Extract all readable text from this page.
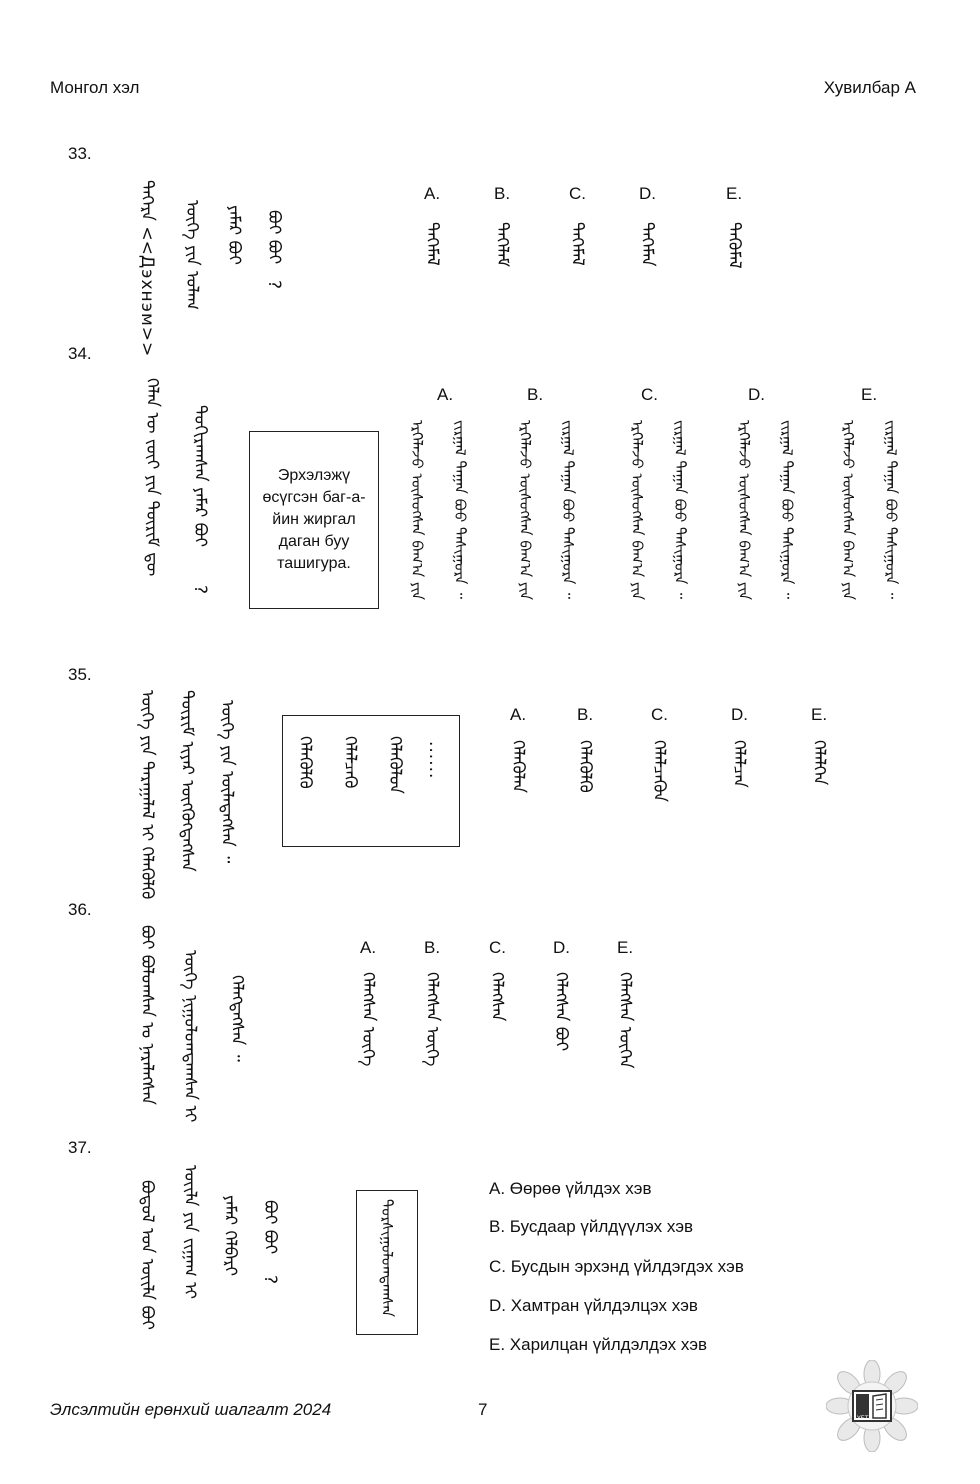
Монгол хэл	Хувилбар А
33.
ᠳᠡᠭᠡᠷᠡ <<Дэхнэм>> ᠦᠭᠡ ᠶᠢᠨ ᠤᠯᠠᠭ ᠶᠠᠮᠠᠷ ᠪᠤᠢ ᠪᠤᠢ ᠪᠤᠢ
?
A.	B.	C.	D.	E.
ᠳᠡᠭᠡᠮᠡᠯ	ᠳᠡᠭᠡᠯᠡᠮ	ᠳᠡᠬᠡᠮᠡᠯ	ᠳᠡᠭᠡᠮᠡᠨ	ᠳᠡᠭᠦᠮᠡᠯ
34.
ᠬᠡᠯᠡᠨ ᠦ ᠵᠦᠢ ᠶᠢᠨ ᠳᠦᠷᠢᠮ ᠳᠦ ᠲᠣᠬᠢᠷᠠᠭᠰᠠᠨ ᠶᠠᠮᠠᠷ ᠪᠤᠢ
?
Эрхэлэжү өсүгсэн баг-а-йин жиргал даган буу ташигура.
A.	B.	C.	D.	E.
ᠡᠷᠬᠡᠯᠡᠵᠦ ᠥᠰᠦᠭᠰᠡᠨ ᠪᠠᠭ᠎ᠠ ᠶᠢᠨ ᠵᠢᠷᠭᠠᠯ ᠳᠠᠭᠠᠨ ᠪᠤᠤ ᠲᠠᠰᠢᠭᠤᠷᠠ ᠃	ᠡᠷᠬᠡᠯᠡᠵᠦ ᠥᠰᠦᠭᠰᠡᠨ ᠪᠠᠭ᠎ᠠ ᠶᠢᠨ ᠵᠢᠷᠭᠠᠯ ᠳᠠᠭᠠᠨ ᠪᠤᠤ ᠲᠠᠰᠢᠭᠤᠷᠠ ᠃	ᠡᠷᠬᠡᠯᠡᠵᠦ ᠥᠰᠦᠭᠰᠡᠨ ᠪᠠᠭ᠎ᠠ ᠶᠢᠨ ᠵᠢᠷᠭᠠᠯ ᠳᠠᠭᠠᠨ ᠪᠤᠤ ᠲᠠᠰᠢᠭᠤᠷᠠ ᠃	ᠡᠷᠬᠡᠯᠡᠵᠦ ᠥᠰᠦᠭᠰᠡᠨ ᠪᠠᠭ᠎ᠠ ᠶᠢᠨ ᠵᠢᠷᠭᠠᠯ ᠳᠠᠭᠠᠨ ᠪᠤᠤ ᠲᠠᠰᠢᠭᠤᠷᠠ ᠃	ᠡᠷᠬᠡᠯᠡᠵᠦ ᠥᠰᠦᠭᠰᠡᠨ ᠪᠠᠭ᠎ᠠ ᠶᠢᠨ ᠵᠢᠷᠭᠠᠯ ᠳᠠᠭᠠᠨ ᠪᠤᠤ ᠲᠠᠰᠢᠭᠤᠷᠠ ᠃
35.
ᠦᠭᠡ ᠶᠢᠨ ᠳᠠᠷᠠᠭᠠᠯᠠᠯ ᠢ ᠬᠡᠯᠡᠬᠦᠯᠬᠦ ᠳᠦᠷᠢᠮ ᠢᠶᠡᠷ ᠥᠭᠭᠦᠭᠳᠡᠭᠰᠡᠨ ᠦᠭᠡ ᠶᠢᠨ ᠦᠯᠡᠳᠡᠭᠰᠡᠨ ᠃	ᠬᠡᠯᠡᠬᠦᠯᠬᠦ ᠬᠡᠯᠡᠯᠴᠡᠬᠦ ᠬᠡᠯᠡᠭᠦᠯᠦᠨ ......
A.	B.	C.	D.	E.
ᠬᠡᠯᠡᠬᠦᠯᠡᠨ	ᠬᠡᠯᠡᠭᠦᠯᠬᠦ	ᠬᠡᠯᠡᠯᠴᠡᠬᠦᠨ	ᠬᠡᠯᠡᠯᠴᠡᠨ	ᠬᠡᠯᠡᠯᠭᠡᠨ
36.
ᠪᠤᠢ ᠪᠣᠯᠤᠭᠰᠠᠨ ᠤ ᠨᠡᠷᠡᠯᠡᠭᠰᠡᠨ ᠦᠭᠡ ᠨᠢᠭᠤᠯᠤᠭᠳᠠᠭᠰᠠᠨ ᠢ ᠬᠡᠯᠡᠭᠳᠡᠭᠰᠡᠨ ᠃
A.	B.	C.	D.	E.
ᠬᠡᠯᠡᠭᠰᠡᠨ ᠦᠭᠡ	ᠬᠡᠯᠡᠭᠰᠡᠨ ᠦᠭᠡ	ᠬᠡᠯᠡᠭᠰᠡᠨ	ᠬᠡᠯᠡᠭᠰᠡᠨ ᠪᠤᠢ	ᠬᠡᠯᠡᠭᠰᠡᠨ ᠦᠭᠡᠨ
37.
ᠪᠣᠳᠤᠯ ᠤᠨ ᠦᠢᠯᠡ ᠪᠣᠢ ᠦᠢᠯᠡ ᠶᠢᠨ ᠵᠢᠭᠠᠭ ᠢ ᠶᠠᠮᠠᠷ ᠬᠡᠯᠪᠡᠷᠢ ᠪᠤᠢ ᠪᠤᠢ
?	ᠲᠤᠷᠰᠢᠭᠤᠯᠤᠭᠳᠠᠭᠰᠠᠨ
A. Өөрөө үйлдэх хэв
B. Бусдаар үйлдүүлэх хэв
C. Бусдын эрхэнд үйлдэгдэх хэв
D. Хамтран үйлдэлцэх хэв
E. Харилцан үйлдэлдэх хэв
Элсэлтийн ерөнхий шалгалт 2024	7	ҮБТ
